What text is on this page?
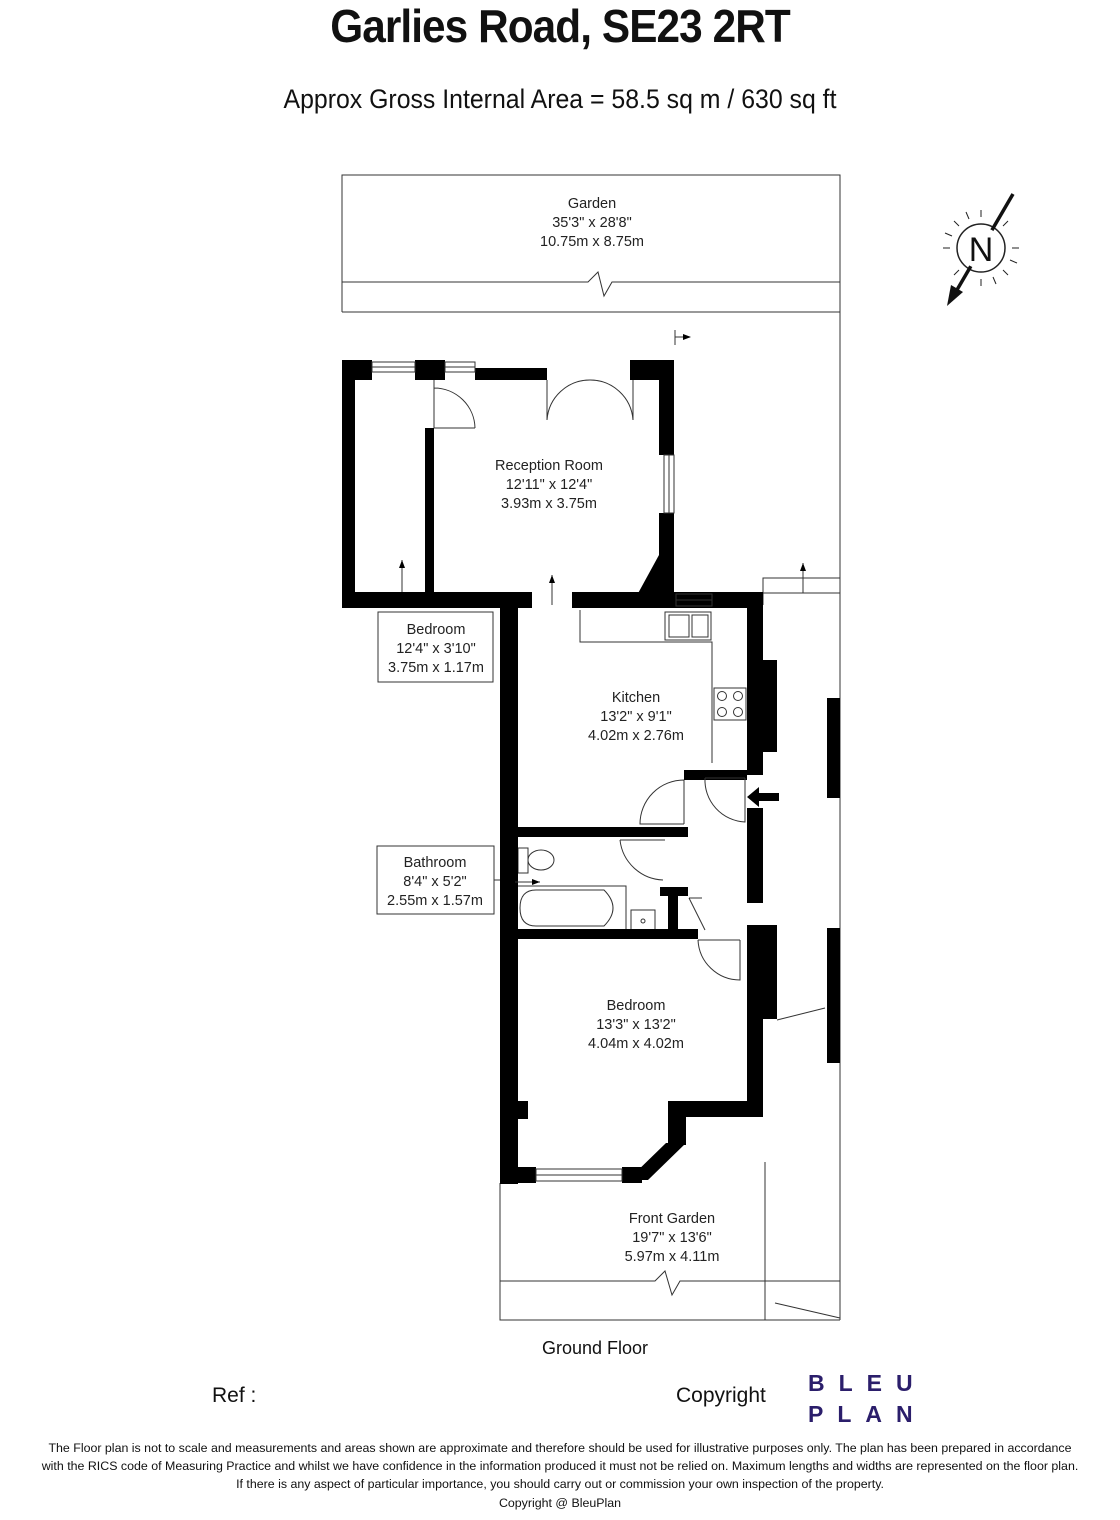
Garlies Road, SE23 2RT
Approx Gross Internal Area = 58.5 sq m / 630 sq ft
N
Garden
35'3" x 28'8"
10.75m x 8.75m
Reception Room
12'11" x 12'4"
3.93m x 3.75m
Bedroom
12'4" x 3'10"
3.75m x 1.17m
Kitchen
13'2" x 9'1"
4.02m x 2.76m
Bathroom
8'4" x 5'2"
2.55m x 1.57m
Bedroom
13'3" x 13'2"
4.04m x 4.02m
Front Garden
19'7" x 13'6"
5.97m x 4.11m
Ground Floor
Ref :	Copyright BLEU
PLAN
The Floor plan is not to scale and measurements and areas shown are approximate and therefore should be used for illustrative purposes only. The plan has been prepared in accordance
with the RICS code of Measuring Practice and whilst we have confidence in the information produced it must not be relied on. Maximum lengths and widths are represented on the floor plan.
If there is any aspect of particular importance, you should carry out or commission your own inspection of the property.
Copyright @ BleuPlan
